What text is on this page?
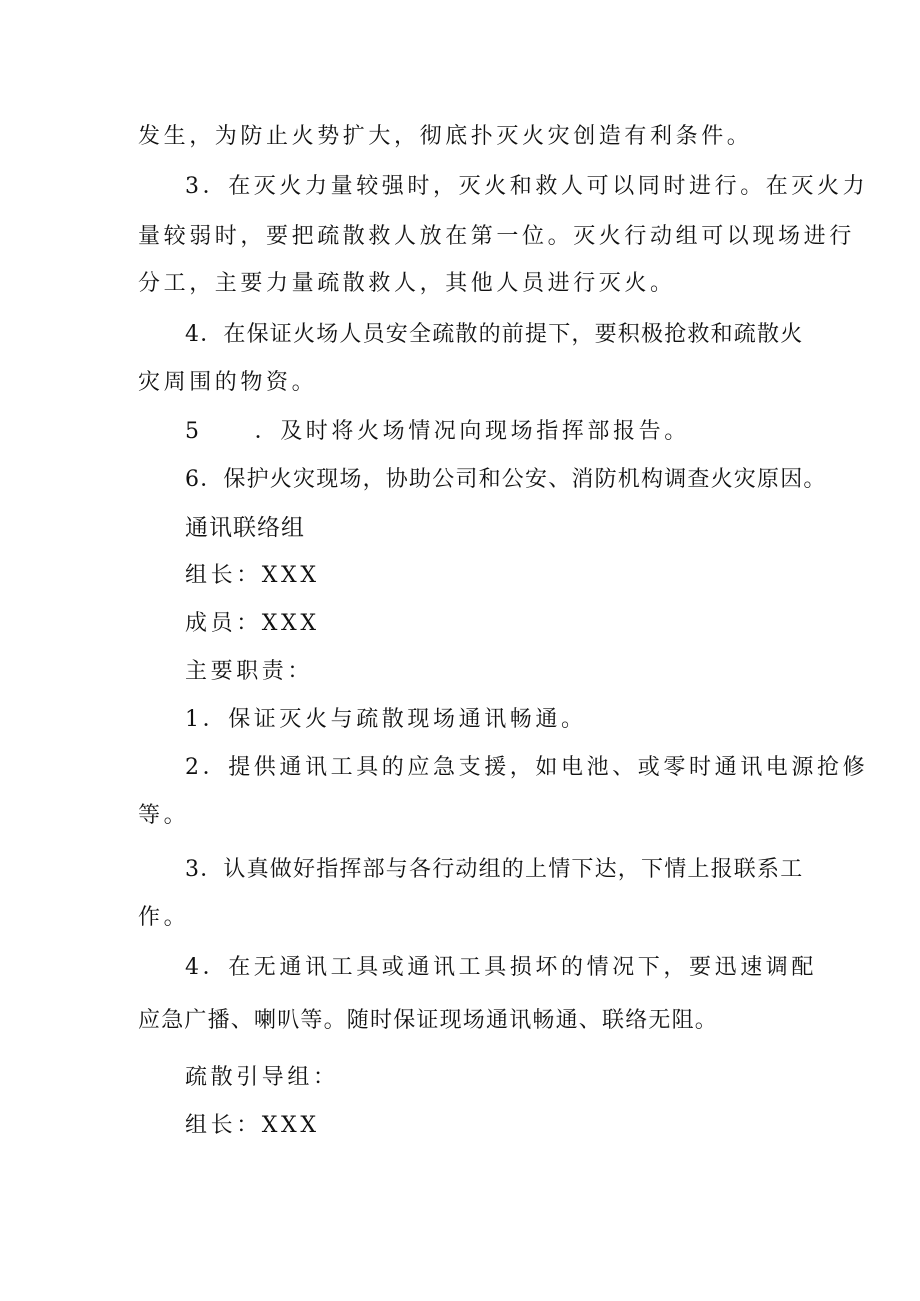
发生，为防止火势扩大，彻底扑灭火灾创造有利条件。
3．在灭火力量较强时，灭火和救人可以同时进行。在灭火力
量较弱时，要把疏散救人放在第一位。灭火行动组可以现场进行
分工，主要力量疏散救人，其他人员进行灭火。
4．在保证火场人员安全疏散的前提下，要积极抢救和疏散火
灾周围的物资。
5 ．及时将火场情况向现场指挥部报告。
6．保护火灾现场，协助公司和公安、消防机构调查火灾原因。
通讯联络组
组长：XXX
成员：XXX
主要职责：
1．保证灭火与疏散现场通讯畅通。
2．提供通讯工具的应急支援，如电池、或零时通讯电源抢修
等。
3．认真做好指挥部与各行动组的上情下达，下情上报联系工
作。
4．在无通讯工具或通讯工具损坏的情况下，要迅速调配
应急广播、喇叭等。随时保证现场通讯畅通、联络无阻。
疏散引导组：
组长：XXX
